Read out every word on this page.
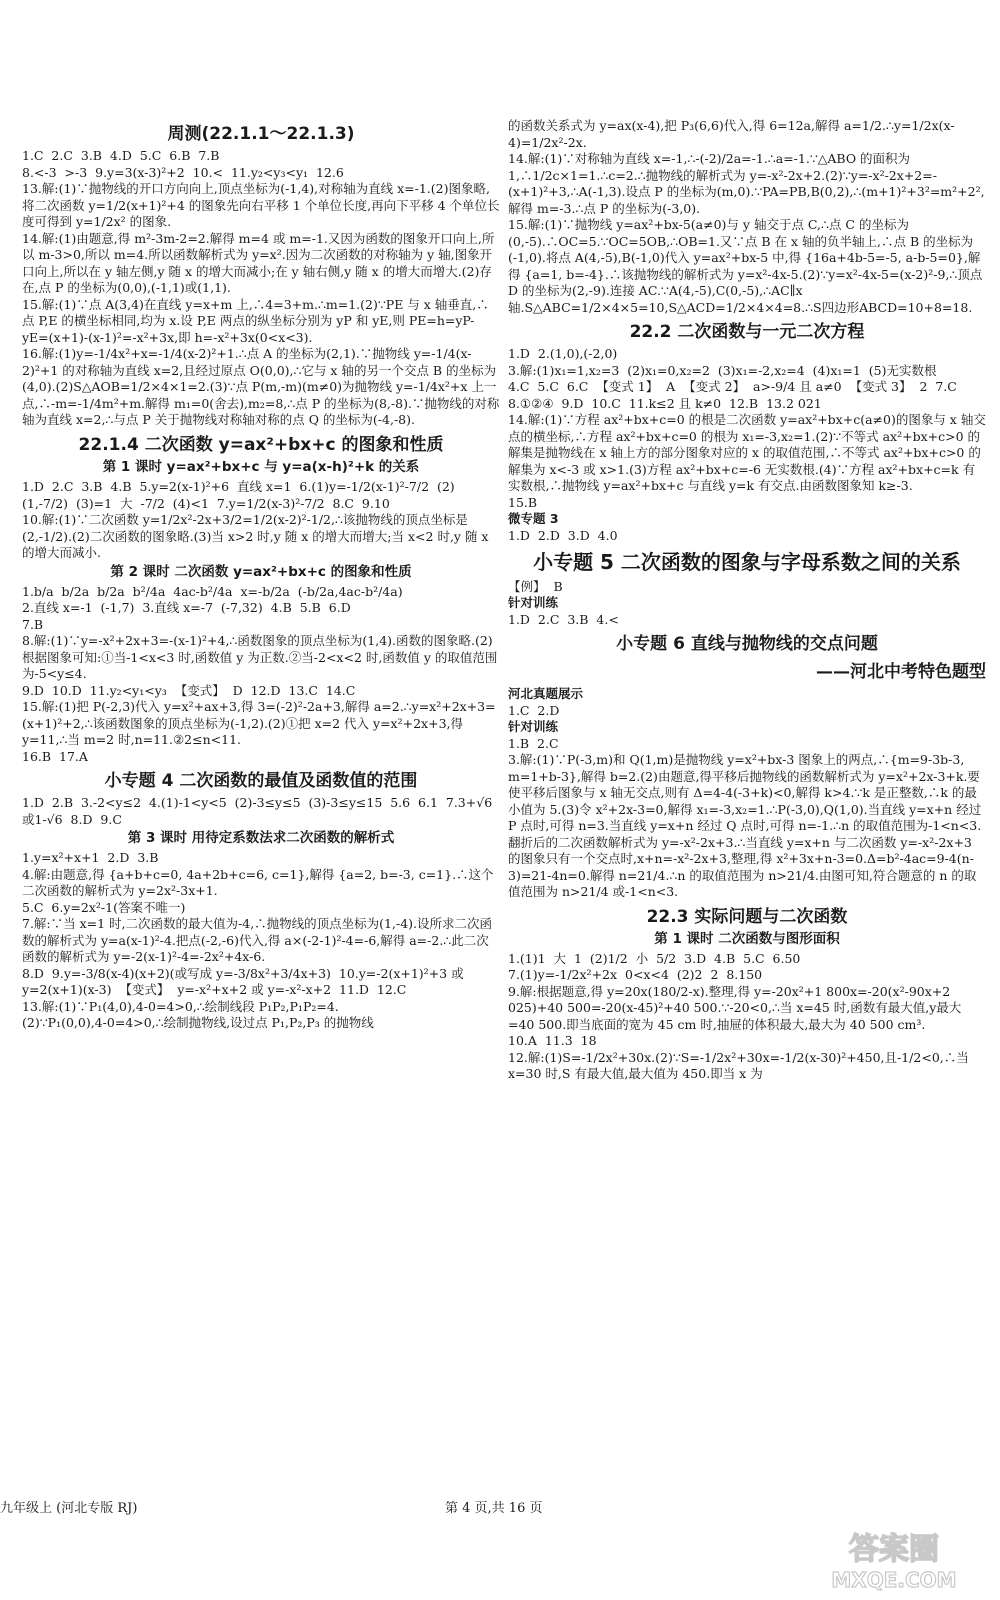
周测(22.1.1～22.1.3)
1.C  2.C  3.B  4.D  5.C  6.B  7.B
8.<-3  >-3  9.y=3(x-3)²+2  10.<  11.y₂<y₃<y₁  12.6
13.解:(1)∵抛物线的开口方向向上,顶点坐标为(-1,4),对称轴为直线 x=-1.(2)图象略,将二次函数 y=1/2(x+1)²+4 的图象先向右平移 1 个单位长度,再向下平移 4 个单位长度可得到 y=1/2x² 的图象.
14.解:(1)由题意,得 m²-3m-2=2.解得 m=4 或 m=-1.又因为函数的图象开口向上,所以 m-3>0,所以 m=4.所以函数解析式为 y=x².因为二次函数的对称轴为 y 轴,图象开口向上,所以在 y 轴左侧,y 随 x 的增大而减小;在 y 轴右侧,y 随 x 的增大而增大.(2)存在,点 P 的坐标为(0,0),(-1,1)或(1,1).
15.解:(1)∵点 A(3,4)在直线 y=x+m 上,∴4=3+m.∴m=1.(2)∵PE 与 x 轴垂直,∴点 P,E 的横坐标相同,均为 x.设 P,E 两点的纵坐标分别为 yP 和 yE,则 PE=h=yP-yE=(x+1)-(x-1)²=-x²+3x,即 h=-x²+3x(0<x<3).
16.解:(1)y=-1/4x²+x=-1/4(x-2)²+1.∴点 A 的坐标为(2,1).∵抛物线 y=-1/4(x-2)²+1 的对称轴为直线 x=2,且经过原点 O(0,0),∴它与 x 轴的另一个交点 B 的坐标为(4,0).(2)S△AOB=1/2×4×1=2.(3)∵点 P(m,-m)(m≠0)为抛物线 y=-1/4x²+x 上一点,∴-m=-1/4m²+m.解得 m₁=0(舍去),m₂=8,∴点 P 的坐标为(8,-8).∵抛物线的对称轴为直线 x=2,∴与点 P 关于抛物线对称轴对称的点 Q 的坐标为(-4,-8).
22.1.4 二次函数 y=ax²+bx+c 的图象和性质
第 1 课时 y=ax²+bx+c 与 y=a(x-h)²+k 的关系
1.D  2.C  3.B  4.B  5.y=2(x-1)²+6  直线 x=1  6.(1)y=-1/2(x-1)²-7/2  (2)(1,-7/2)  (3)=1  大  -7/2  (4)<1  7.y=1/2(x-3)²-7/2  8.C  9.10
10.解:(1)∵二次函数 y=1/2x²-2x+3/2=1/2(x-2)²-1/2,∴该抛物线的顶点坐标是(2,-1/2).(2)二次函数的图象略.(3)当 x>2 时,y 随 x 的增大而增大;当 x<2 时,y 随 x 的增大而减小.
第 2 课时 二次函数 y=ax²+bx+c 的图象和性质
1.b/a  b/2a  b/2a  b²/4a  4ac-b²/4a  x=-b/2a  (-b/2a,4ac-b²/4a)
2.直线 x=-1  (-1,7)  3.直线 x=-7  (-7,32)  4.B  5.B  6.D
7.B
8.解:(1)∵y=-x²+2x+3=-(x-1)²+4,∴函数图象的顶点坐标为(1,4).函数的图象略.(2)根据图象可知:①当-1<x<3 时,函数值 y 为正数.②当-2<x<2 时,函数值 y 的取值范围为-5<y≤4.
9.D  10.D  11.y₂<y₁<y₃  【变式】  D  12.D  13.C  14.C
15.解:(1)把 P(-2,3)代入 y=x²+ax+3,得 3=(-2)²-2a+3,解得 a=2.∴y=x²+2x+3=(x+1)²+2,∴该函数图象的顶点坐标为(-1,2).(2)①把 x=2 代入 y=x²+2x+3,得 y=11,∴当 m=2 时,n=11.②2≤n<11.
16.B  17.A
小专题 4 二次函数的最值及函数值的范围
1.D  2.B  3.-2<y≤2  4.(1)-1<y<5  (2)-3≤y≤5  (3)-3≤y≤15  5.6  6.1  7.3+√6或1-√6  8.D  9.C
第 3 课时 用待定系数法求二次函数的解析式
1.y=x²+x+1  2.D  3.B
4.解:由题意,得 {a+b+c=0, 4a+2b+c=6, c=1},解得 {a=2, b=-3, c=1}.∴这个二次函数的解析式为 y=2x²-3x+1.
5.C  6.y=2x²-1(答案不唯一)
7.解:∵当 x=1 时,二次函数的最大值为-4,∴抛物线的顶点坐标为(1,-4).设所求二次函数的解析式为 y=a(x-1)²-4.把点(-2,-6)代入,得 a×(-2-1)²-4=-6,解得 a=-2.∴此二次函数的解析式为 y=-2(x-1)²-4=-2x²+4x-6.
8.D  9.y=-3/8(x-4)(x+2)(或写成 y=-3/8x²+3/4x+3)  10.y=-2(x+1)²+3 或 y=2(x+1)(x-3)  【变式】  y=-x²+x+2 或 y=-x²-x+2  11.D  12.C
13.解:(1)∵P₁(4,0),4-0=4>0,∴绘制线段 P₁P₂,P₁P₂=4.
(2)∵P₁(0,0),4-0=4>0,∴绘制抛物线,设过点 P₁,P₂,P₃ 的抛物线
的函数关系式为 y=ax(x-4),把 P₃(6,6)代入,得 6=12a,解得 a=1/2.∴y=1/2x(x-4)=1/2x²-2x.
14.解:(1)∵对称轴为直线 x=-1,∴-(-2)/2a=-1.∴a=-1.∵△ABO 的面积为 1,∴1/2c×1=1.∴c=2.∴抛物线的解析式为 y=-x²-2x+2.(2)∵y=-x²-2x+2=-(x+1)²+3,∴A(-1,3).设点 P 的坐标为(m,0).∵PA=PB,B(0,2),∴(m+1)²+3²=m²+2²,解得 m=-3.∴点 P 的坐标为(-3,0).
15.解:(1)∵抛物线 y=ax²+bx-5(a≠0)与 y 轴交于点 C,∴点 C 的坐标为(0,-5).∴OC=5.∵OC=5OB,∴OB=1.又∵点 B 在 x 轴的负半轴上,∴点 B 的坐标为(-1,0).将点 A(4,-5),B(-1,0)代入 y=ax²+bx-5 中,得 {16a+4b-5=-5, a-b-5=0},解得 {a=1, b=-4}.∴该抛物线的解析式为 y=x²-4x-5.(2)∵y=x²-4x-5=(x-2)²-9,∴顶点 D 的坐标为(2,-9).连接 AC.∵A(4,-5),C(0,-5),∴AC∥x 轴.S△ABC=1/2×4×5=10,S△ACD=1/2×4×4=8.∴S四边形ABCD=10+8=18.
22.2 二次函数与一元二次方程
1.D  2.(1,0),(-2,0)
3.解:(1)x₁=1,x₂=3  (2)x₁=0,x₂=2  (3)x₁=-2,x₂=4  (4)x₁=1  (5)无实数根
4.C  5.C  6.C  【变式 1】  A  【变式 2】  a>-9/4 且 a≠0  【变式 3】  2  7.C  8.①②④  9.D  10.C  11.k≤2 且 k≠0  12.B  13.2 021
14.解:(1)∵方程 ax²+bx+c=0 的根是二次函数 y=ax²+bx+c(a≠0)的图象与 x 轴交点的横坐标,∴方程 ax²+bx+c=0 的根为 x₁=-3,x₂=1.(2)∵不等式 ax²+bx+c>0 的解集是抛物线在 x 轴上方的部分图象对应的 x 的取值范围,∴不等式 ax²+bx+c>0 的解集为 x<-3 或 x>1.(3)方程 ax²+bx+c=-6 无实数根.(4)∵方程 ax²+bx+c=k 有实数根,∴抛物线 y=ax²+bx+c 与直线 y=k 有交点.由函数图象知 k≥-3.
15.B
微专题 3
1.D  2.D  3.D  4.0
小专题 5 二次函数的图象与字母系数之间的关系
【例】  B
针对训练
1.D  2.C  3.B  4.<
小专题 6 直线与抛物线的交点问题
——河北中考特色题型
河北真题展示
1.C  2.D
针对训练
1.B  2.C
3.解:(1)∵P(-3,m)和 Q(1,m)是抛物线 y=x²+bx-3 图象上的两点,∴{m=9-3b-3, m=1+b-3},解得 b=2.(2)由题意,得平移后抛物线的函数解析式为 y=x²+2x-3+k.要使平移后图象与 x 轴无交点,则有 Δ=4-4(-3+k)<0,解得 k>4.∵k 是正整数,∴k 的最小值为 5.(3)令 x²+2x-3=0,解得 x₁=-3,x₂=1.∴P(-3,0),Q(1,0).当直线 y=x+n 经过 P 点时,可得 n=3.当直线 y=x+n 经过 Q 点时,可得 n=-1.∴n 的取值范围为-1<n<3.翻折后的二次函数解析式为 y=-x²-2x+3.∴当直线 y=x+n 与二次函数 y=-x²-2x+3 的图象只有一个交点时,x+n=-x²-2x+3,整理,得 x²+3x+n-3=0.Δ=b²-4ac=9-4(n-3)=21-4n=0.解得 n=21/4.∴n 的取值范围为 n>21/4.由图可知,符合题意的 n 的取值范围为 n>21/4 或-1<n<3.
22.3 实际问题与二次函数
第 1 课时 二次函数与图形面积
1.(1)1  大  1  (2)1/2  小  5/2  3.D  4.B  5.C  6.50
7.(1)y=-1/2x²+2x  0<x<4  (2)2  2  8.150
9.解:根据题意,得 y=20x(180/2-x).整理,得 y=-20x²+1 800x=-20(x²-90x+2 025)+40 500=-20(x-45)²+40 500.∵-20<0,∴当 x=45 时,函数有最大值,y最大=40 500.即当底面的宽为 45 cm 时,抽屉的体积最大,最大为 40 500 cm³.
10.A  11.3  18
12.解:(1)S=-1/2x²+30x.(2)∵S=-1/2x²+30x=-1/2(x-30)²+450,且-1/2<0,∴当 x=30 时,S 有最大值,最大值为 450.即当 x 为
九年级上 (河北专版 RJ)	第 4 页,共 16 页
答案圈
MXQE.COM
